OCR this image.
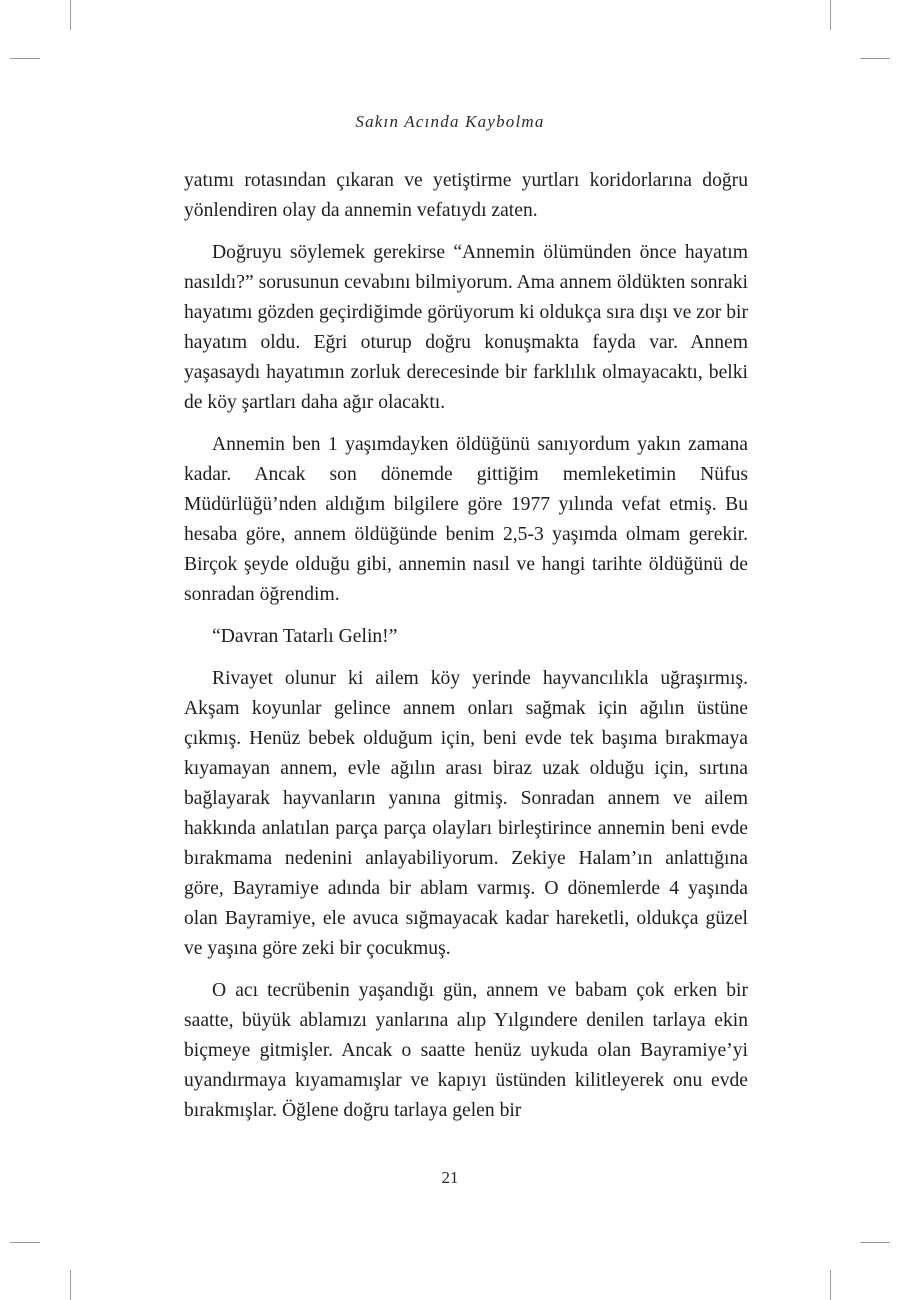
Sakın Acında Kaybolma

yatımı rotasından çıkaran ve yetiştirme yurtları koridorlarına doğru yönlendiren olay da annemin vefatıydı zaten.

Doğruyu söylemek gerekirse “Annemin ölümünden önce hayatım nasıldı?” sorusunun cevabını bilmiyorum. Ama annem öldükten sonraki hayatımı gözden geçirdiğimde görüyorum ki oldukça sıra dışı ve zor bir hayatım oldu. Eğri oturup doğru konuşmakta fayda var. Annem yaşasaydı hayatımın zorluk derecesinde bir farklılık olmayacaktı, belki de köy şartları daha ağır olacaktı.

Annemin ben 1 yaşımdayken öldüğünü sanıyordum yakın zamana kadar. Ancak son dönemde gittiğim memleketimin Nüfus Müdürlüğü’nden aldığım bilgilere göre 1977 yılında vefat etmiş. Bu hesaba göre, annem öldüğünde benim 2,5-3 yaşımda olmam gerekir. Birçok şeyde olduğu gibi, annemin nasıl ve hangi tarihte öldüğünü de sonradan öğrendim.

“Davran Tatarlı Gelin!”

Rivayet olunur ki ailem köy yerinde hayvancılıkla uğraşırmış. Akşam koyunlar gelince annem onları sağmak için ağılın üstüne çıkmış. Henüz bebek olduğum için, beni evde tek başıma bırakmaya kıyamayan annem, evle ağılın arası biraz uzak olduğu için, sırtına bağlayarak hayvanların yanına gitmiş. Sonradan annem ve ailem hakkında anlatılan parça parça olayları birleştirince annemin beni evde bırakmama nedenini anlayabiliyorum. Zekiye Halam’ın anlattığına göre, Bayramiye adında bir ablam varmış. O dönemlerde 4 yaşında olan Bayramiye, ele avuca sığmayacak kadar hareketli, oldukça güzel ve yaşına göre zeki bir çocukmuş.

O acı tecrübenin yaşandığı gün, annem ve babam çok erken bir saatte, büyük ablamızı yanlarına alıp Yılgındere denilen tarlaya ekin biçmeye gitmişler. Ancak o saatte henüz uykuda olan Bayramiye’yi uyandırmaya kıyamamışlar ve kapıyı üstünden kilitleyerek onu evde bırakmışlar. Öğlene doğru tarlaya gelen bir

21
